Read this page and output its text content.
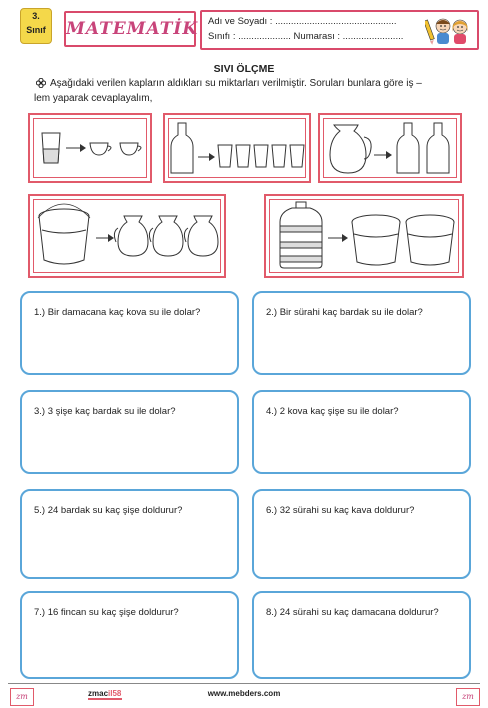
3.
Sınıf	MATEMATİK Adı ve Soyadı : ..............................................
Sınıfı : .................... Numarası : .......................
SIVI ÖLÇME
Aşağıdaki verilen kapların aldıkları su miktarları verilmiştir. Soruları bunlara göre iş –
lem yaparak cevaplayalım,
1.) Bir damacana kaç kova su ile dolar?	2.) Bir sürahi kaç bardak su ile dolar?
3.) 3 şişe kaç bardak su ile dolar?	4.) 2 kova kaç şişe su ile dolar?
5.) 24 bardak su kaç şişe doldurur?	6.) 32 sürahi su kaç kava doldurur?
7.) 16 fincan su kaç şişe doldurur?	8.) 24 sürahi su kaç damacana doldurur?
zm	zmacil58	www.mebders.com	zm
